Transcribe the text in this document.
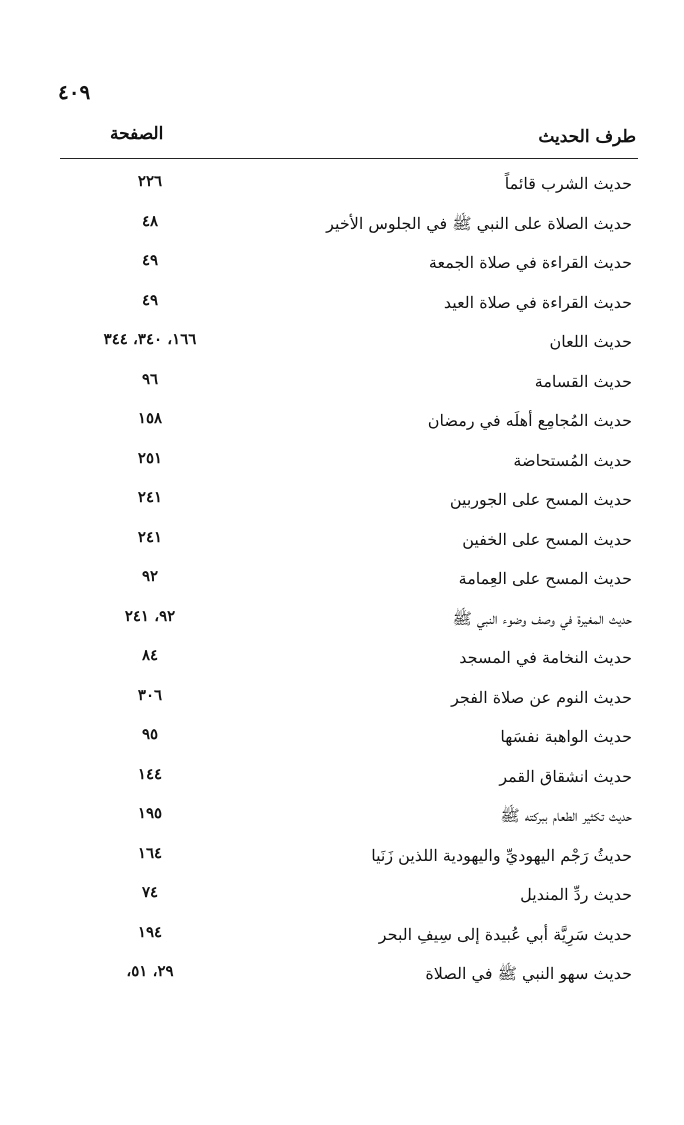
٤٠٩
طرف الحديث
الصفحة
حديث الشرب قائماً
٢٢٦
حديث الصلاة على النبي ﷺ في الجلوس الأخير
٤٨
حديث القراءة في صلاة الجمعة
٤٩
حديث القراءة في صلاة العيد
٤٩
حديث اللعان
١٦٦، ٣٤٠، ٣٤٤
حديث القسامة
٩٦
حديث المُجامِع أهلَه في رمضان
١٥٨
حديث المُستحاضة
٢٥١
حديث المسح على الجوربين
٢٤١
حديث المسح على الخفين
٢٤١
حديث المسح على العِمامة
٩٢
حديث المغيرة في وصف وضوء النبي ﷺ
٩٢، ٢٤١
حديث النخامة في المسجد
٨٤
حديث النوم عن صلاة الفجر
٣٠٦
حديث الواهبة نفسَها
٩٥
حديث انشقاق القمر
١٤٤
حديث تكثير الطعام ببركته ﷺ
١٩٥
حديثُ رَجْم اليهوديِّ واليهودية اللذين زَنَيا
١٦٤
حديث ردِّ المنديل
٧٤
حديث سَرِيَّة أبي عُبيدة إلى سِيفِ البحر
١٩٤
حديث سهو النبي ﷺ في الصلاة
٢٩، ٥١،
